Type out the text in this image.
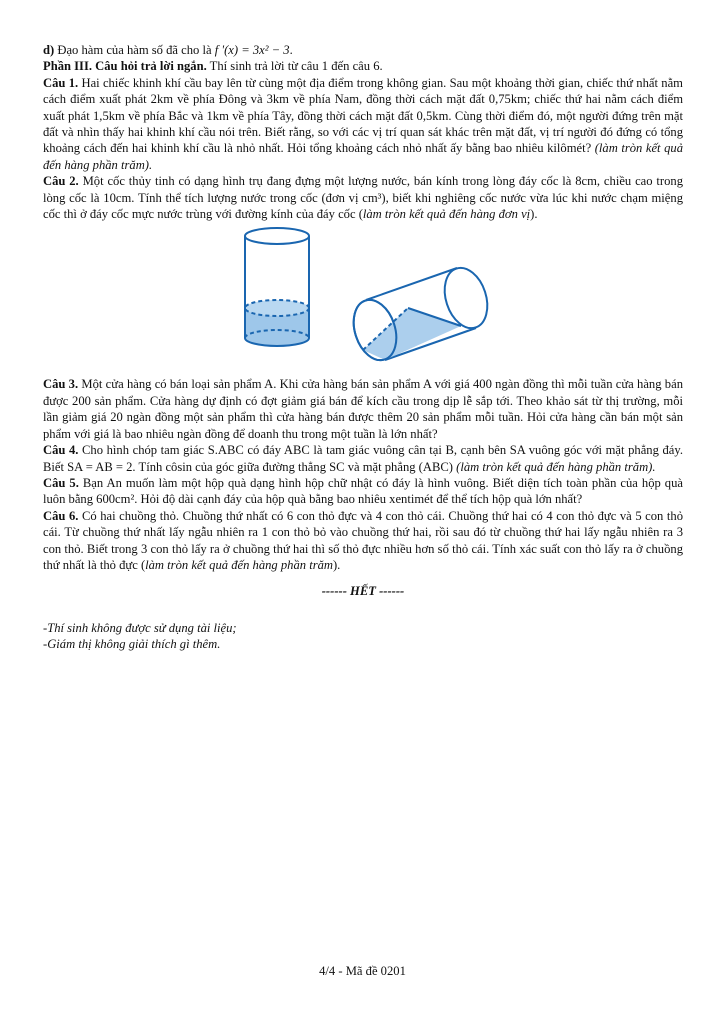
d) Đạo hàm của hàm số đã cho là f '(x) = 3x² − 3.

Phần III. Câu hỏi trả lời ngắn. Thí sinh trả lời từ câu 1 đến câu 6.

Câu 1. Hai chiếc khinh khí cầu bay lên từ cùng một địa điểm trong không gian. Sau một khoảng thời gian, chiếc thứ nhất nằm cách điểm xuất phát 2km về phía Đông và 3km về phía Nam, đồng thời cách mặt đất 0,75km; chiếc thứ hai nằm cách điểm xuất phát 1,5km về phía Bắc và 1km về phía Tây, đồng thời cách mặt đất 0,5km. Cùng thời điểm đó, một người đứng trên mặt đất và nhìn thấy hai khinh khí cầu nói trên. Biết rằng, so với các vị trí quan sát khác trên mặt đất, vị trí người đó đứng có tổng khoảng cách đến hai khinh khí cầu là nhỏ nhất. Hỏi tổng khoảng cách nhỏ nhất ấy bằng bao nhiêu kilômét? (làm tròn kết quả đến hàng phần trăm).

Câu 2. Một cốc thủy tinh có dạng hình trụ đang đựng một lượng nước, bán kính trong lòng đáy cốc là 8cm, chiều cao trong lòng cốc là 10cm. Tính thể tích lượng nước trong cốc (đơn vị cm³), biết khi nghiêng cốc nước vừa lúc khi nước chạm miệng cốc thì ở đáy cốc mực nước trùng với đường kính của đáy cốc (làm tròn kết quả đến hàng đơn vị).

Câu 3. Một cửa hàng có bán loại sản phẩm A. Khi cửa hàng bán sản phẩm A với giá 400 ngàn đồng thì mỗi tuần cửa hàng bán được 200 sản phẩm. Cửa hàng dự định có đợt giảm giá bán để kích cầu trong dịp lễ sắp tới. Theo khảo sát từ thị trường, mỗi lần giảm giá 20 ngàn đồng một sản phẩm thì cửa hàng bán được thêm 20 sản phẩm mỗi tuần. Hỏi cửa hàng cần bán một sản phẩm với giá là bao nhiêu ngàn đồng để doanh thu trong một tuần là lớn nhất?

Câu 4. Cho hình chóp tam giác S.ABC có đáy ABC là tam giác vuông cân tại B, cạnh bên SA vuông góc với mặt phẳng đáy. Biết SA = AB = 2. Tính côsin của góc giữa đường thẳng SC và mặt phẳng (ABC) (làm tròn kết quả đến hàng phần trăm).

Câu 5. Bạn An muốn làm một hộp quà dạng hình hộp chữ nhật có đáy là hình vuông. Biết diện tích toàn phần của hộp quà luôn bằng 600cm². Hỏi độ dài cạnh đáy của hộp quà bằng bao nhiêu xentimét để thể tích hộp quà lớn nhất?

Câu 6. Có hai chuồng thỏ. Chuồng thứ nhất có 6 con thỏ đực và 4 con thỏ cái. Chuồng thứ hai có 4 con thỏ đực và 5 con thỏ cái. Từ chuồng thứ nhất lấy ngẫu nhiên ra 1 con thỏ bỏ vào chuồng thứ hai, rồi sau đó từ chuồng thứ hai lấy ngẫu nhiên ra 3 con thỏ. Biết trong 3 con thỏ lấy ra ở chuồng thứ hai thì số thỏ đực nhiều hơn số thỏ cái. Tính xác suất con thỏ lấy ra ở chuồng thứ nhất là thỏ đực (làm tròn kết quả đến hàng phần trăm).

------ HẾT ------

-Thí sinh không được sử dụng tài liệu;

-Giám thị không giải thích gì thêm.

4/4 - Mã đề 0201
